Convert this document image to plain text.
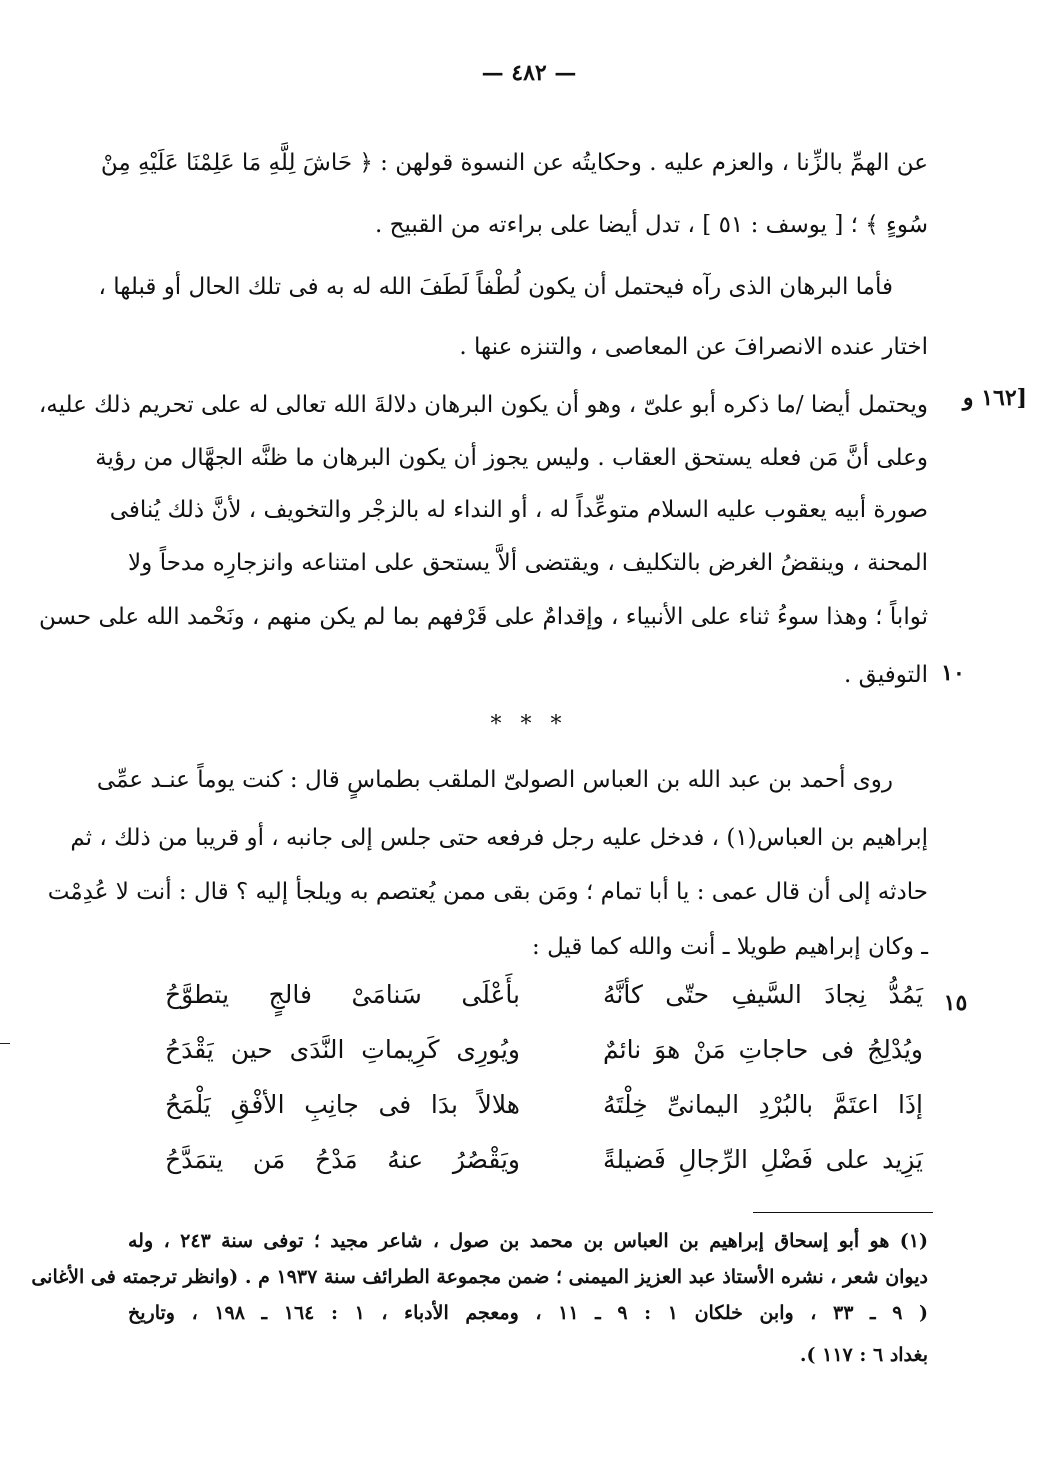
— ٤٨٢ —
عن الهمِّ بالزِّنا ، والعزم عليه . وحكايتُه عن النسوة قولهن : ﴿ حَاشَ لِلَّهِ مَا عَلِمْنَا عَلَيْهِ مِنْ
سُوءٍ ﴾ ؛ [ يوسف : ٥١ ] ، تدل أيضا على براءته من القبيح .
فأما البرهان الذى رآه فيحتمل أن يكون لُطْفاً لَطَفَ الله له به فى تلك الحال أو قبلها ،
اختار عنده الانصرافَ عن المعاصى ، والتنزه عنها .
[١٦٢ و
ويحتمل أيضا /ما ذكره أبو علىّ ، وهو أن يكون البرهان دلالةَ الله تعالى له على تحريم ذلك عليه،
وعلى أنَّ مَن فعله يستحق العقاب . وليس يجوز أن يكون البرهان ما ظنَّه الجهَّال من رؤية
صورة أبيه يعقوب عليه السلام متوعِّداً له ، أو النداء له بالزجْر والتخويف ، لأنَّ ذلك يُنافى
المحنة ، وينقضُ الغرض بالتكليف ، ويقتضى ألاَّ يستحق على امتناعه وانزجارِه مدحاً ولا
ثواباً ؛ وهذا سوءُ ثناء على الأنبياء ، وإقدامٌ على قَرْفهم بما لم يكن منهم ، ونَحْمد الله على حسن
التوفيق . ١٠
* * *
روى أحمد بن عبد الله بن العباس الصولىّ الملقب بطماسٍ قال : كنت يوماً عنـد عمِّى
إبراهيم بن العباس(١) ، فدخل عليه رجل فرفعه حتى جلس إلى جانبه ، أو قريبا من ذلك ، ثم
حادثه إلى أن قال عمى : يا أبا تمام ؛ ومَن بقى ممن يُعتصم به ويلجأ إليه ؟ قال : أنت لا عُدِمْت
ـ وكان إبراهيم طويلا ـ أنت والله كما قيل :
١٥
يَمُدُّ نِجادَ السَّيفِ حتّى كأنَّهُ
بأَعْلَى سَنامَىْ فالجٍ يتطوَّحُ
ويُدْلِجُ فى حاجاتِ مَنْ هوَ نائمٌ
ويُورِى كَرِيماتِ النَّدَى حين يَقْدَحُ
إذَا اعتَمَّ بالبُرْدِ اليمانىِّ خِلْتَهُ
هلالاً بدَا فى جانِبِ الأفْقِ يَلْمَحُ
يَزِيد على فَضْلِ الرِّجالِ فَضيلةً
ويَقْصُرُ عنهُ مَدْحُ مَن يتمَدَّحُ
(١) هو أبو إسحاق إبراهيم بن العباس بن محمد بن صول ، شاعر مجيد ؛ توفى سنة ٢٤٣ ، وله
ديوان شعر ، نشره الأستاذ عبد العزيز الميمنى ؛ ضمن مجموعة الطرائف سنة ١٩٣٧ م . (وانظر ترجمته فى الأغانى
( ٩ ـ ٣٣ ، وابن خلكان ١ : ٩ ـ ١١ ، ومعجم الأدباء ، ١ : ١٦٤ ـ ١٩٨ ، وتاريخ
بغداد ٦ : ١١٧ ).
